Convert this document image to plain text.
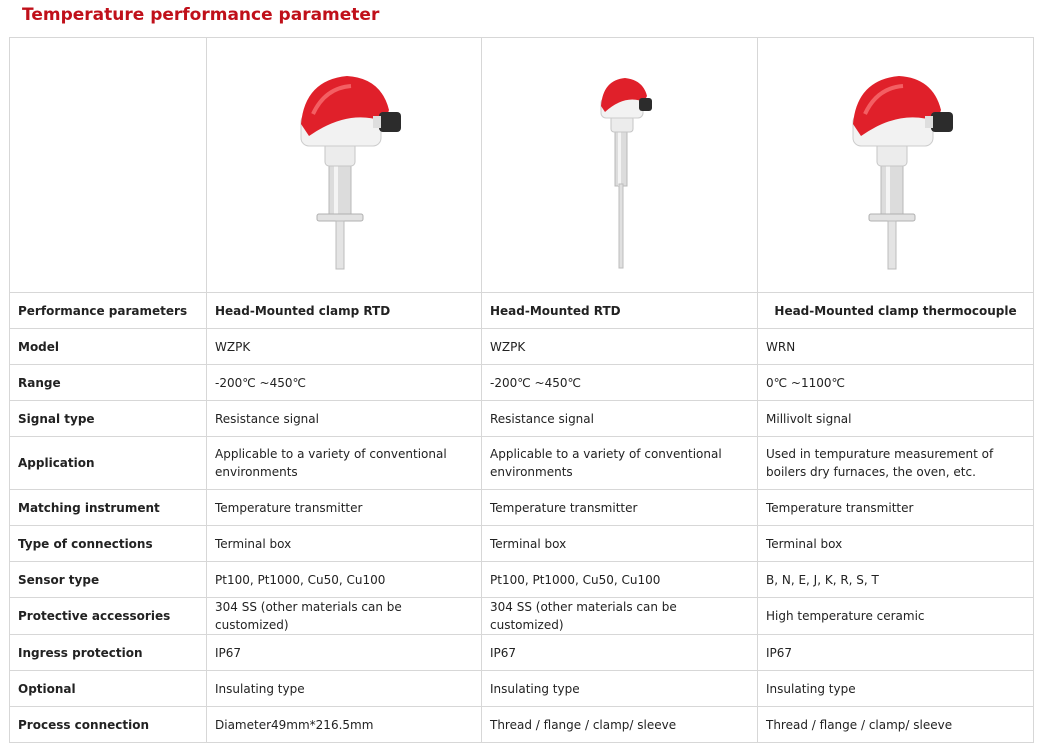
Temperature performance parameter

Performance parameters	Head-Mounted clamp RTD	Head-Mounted RTD	Head-Mounted clamp thermocouple
Model	WZPK	WZPK	WRN
Range	-200℃ ~450℃	-200℃ ~450℃	0℃ ~1100℃
Signal type	Resistance signal	Resistance signal	Millivolt signal
Application	Applicable to a variety of conventional environments	Applicable to a variety of conventional environments	Used in tempurature measurement of boilers dry furnaces, the oven, etc.
Matching instrument	Temperature transmitter	Temperature transmitter	Temperature transmitter
Type of connections	Terminal box	Terminal box	Terminal box
Sensor type	Pt100, Pt1000, Cu50, Cu100	Pt100, Pt1000, Cu50, Cu100	B, N, E, J, K, R, S, T
Protective accessories	304 SS (other materials can be customized)	304 SS (other materials can be customized)	High temperature ceramic
Ingress protection	IP67	IP67	IP67
Optional	Insulating type	Insulating type	Insulating type
Process connection	Diameter49mm*216.5mm	Thread / flange / clamp/ sleeve	Thread / flange / clamp/ sleeve
